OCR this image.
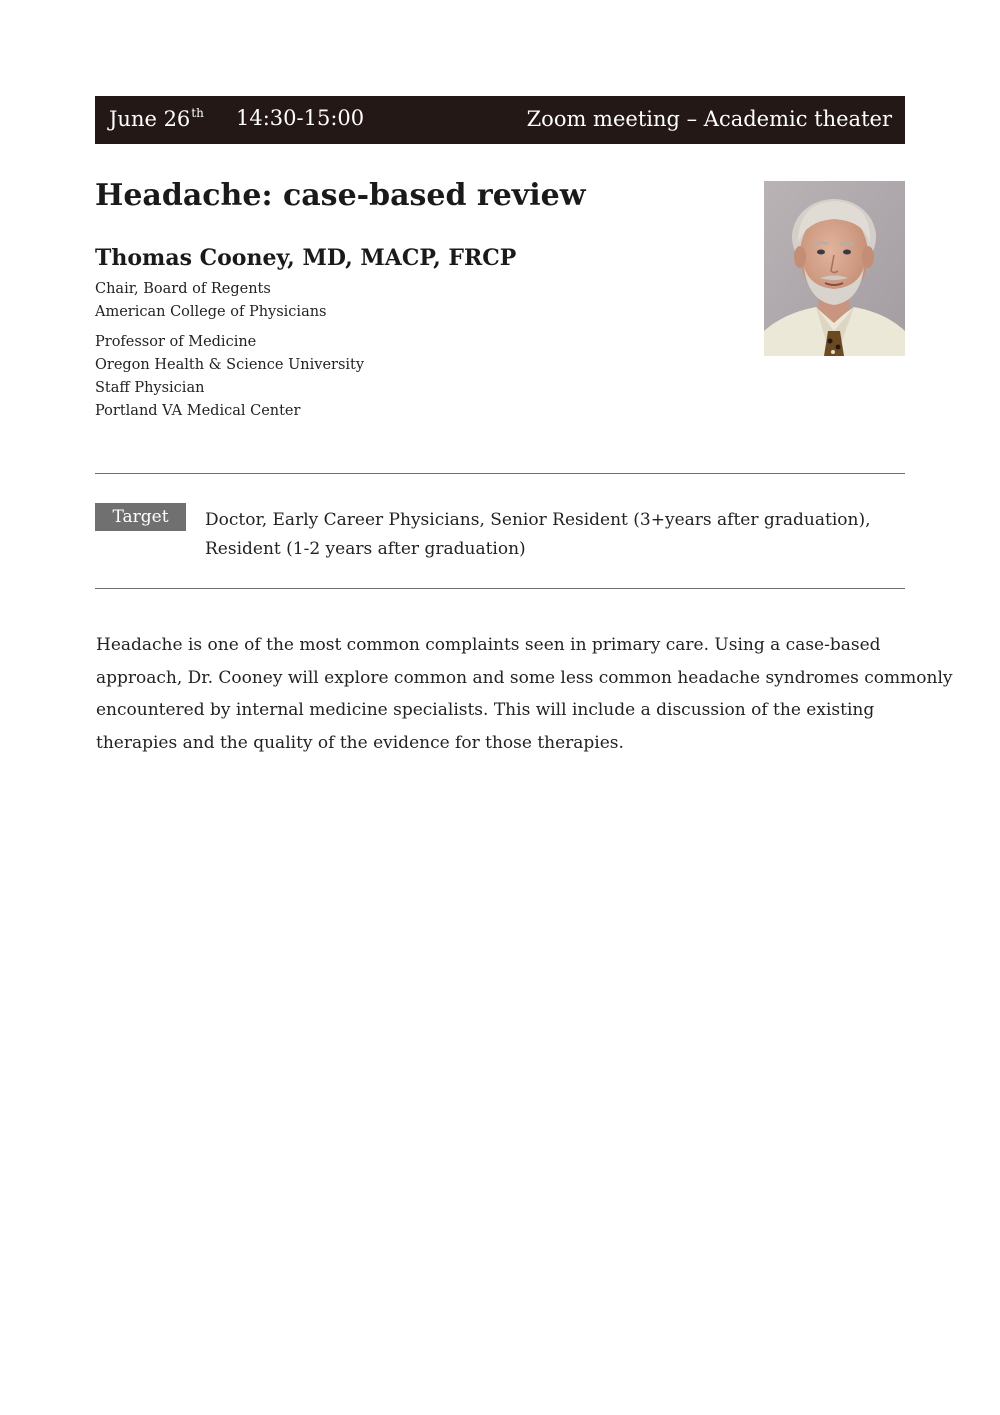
June 26th 14:30-15:00	Zoom meeting – Academic theater
Headache: case-based review
Thomas Cooney, MD, MACP, FRCP
Chair, Board of Regents
American College of Physicians
Professor of Medicine
Oregon Health & Science University
Staff Physician
Portland VA Medical Center
Target	Doctor, Early Career Physicians, Senior Resident (3+years after graduation),
Resident (1-2 years after graduation)
Headache is one of the most common complaints seen in primary care. Using a case-based
approach, Dr. Cooney will explore common and some less common headache syndromes commonly
encountered by internal medicine specialists. This will include a discussion of the existing
therapies and the quality of the evidence for those therapies.
